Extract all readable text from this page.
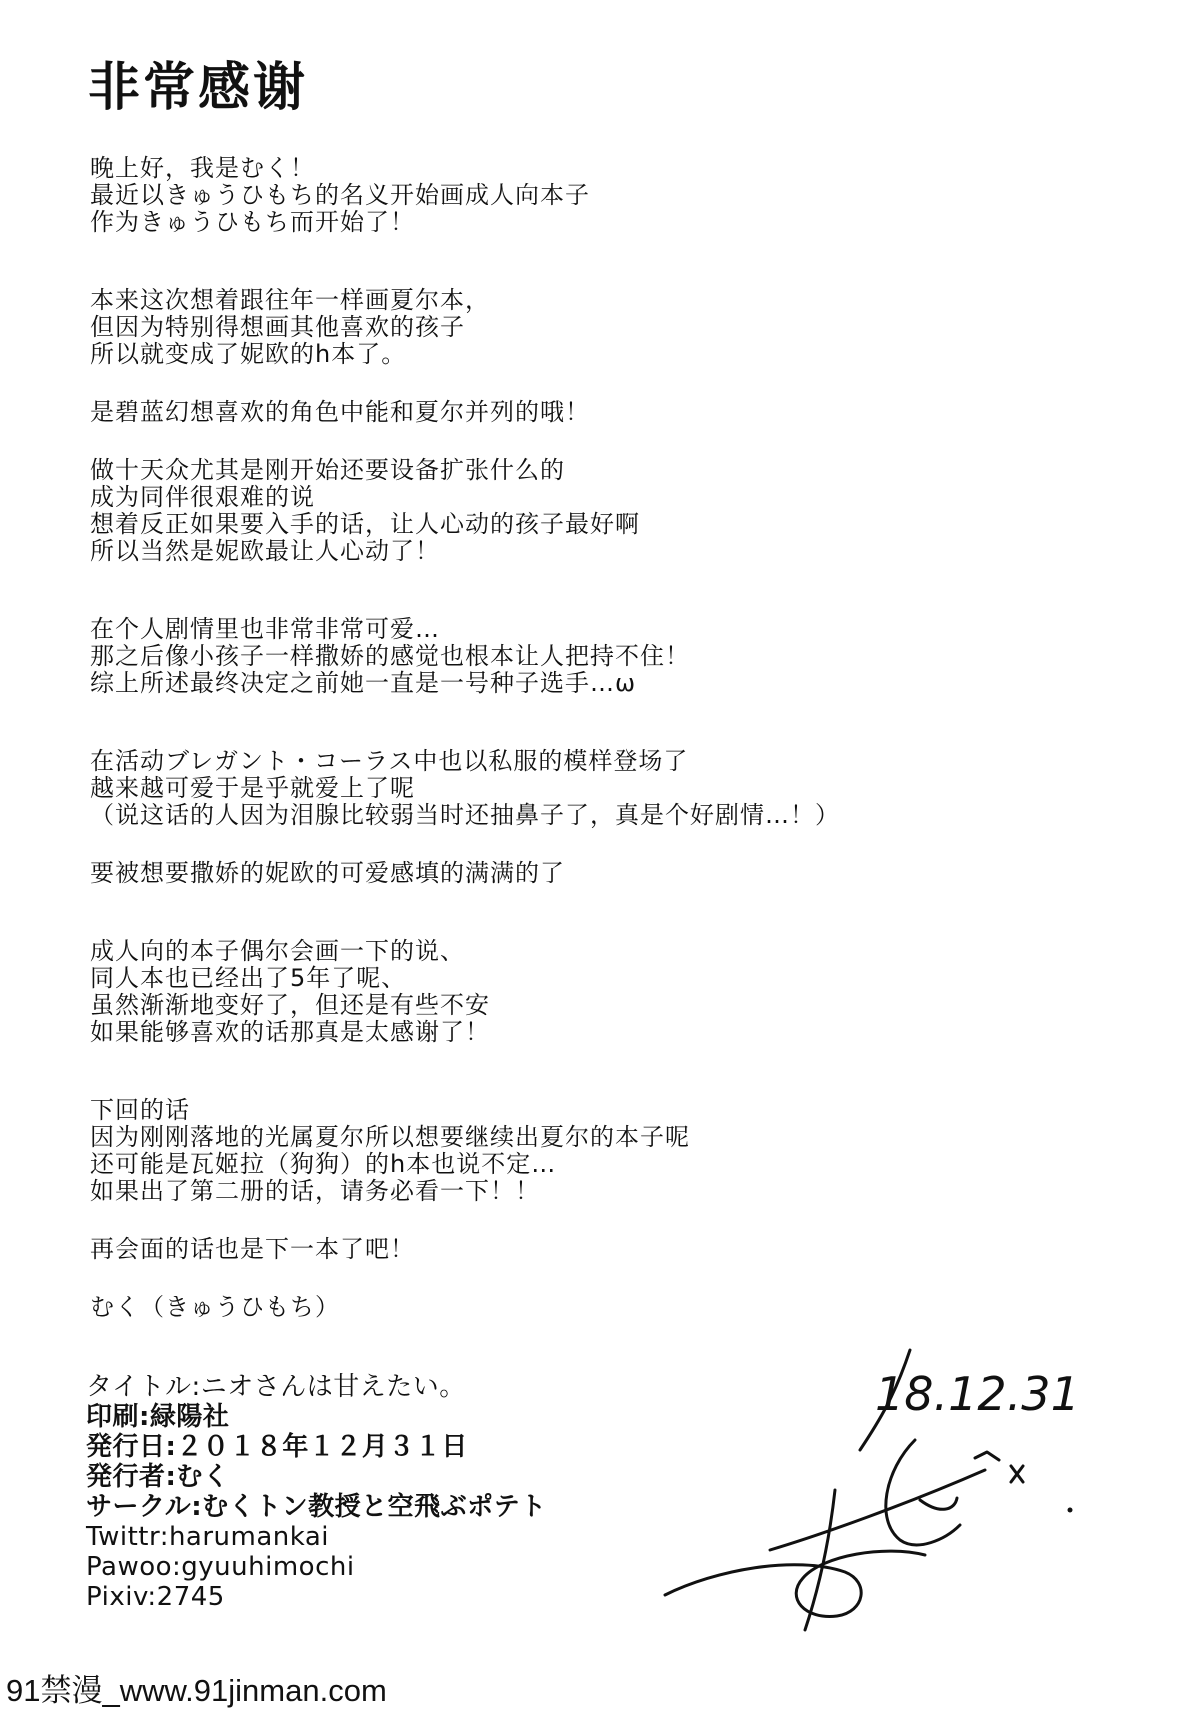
非常感谢

晚上好，我是むく！
最近以きゅうひもち的名义开始画成人向本子
作为きゅうひもち而开始了！

本来这次想着跟往年一样画夏尔本，
但因为特别得想画其他喜欢的孩子
所以就变成了妮欧的h本了。

是碧蓝幻想喜欢的角色中能和夏尔并列的哦！

做十天众尤其是刚开始还要设备扩张什么的
成为同伴很艰难的说
想着反正如果要入手的话，让人心动的孩子最好啊
所以当然是妮欧最让人心动了！

在个人剧情里也非常非常可爱…
那之后像小孩子一样撒娇的感觉也根本让人把持不住！
综上所述最终决定之前她一直是一号种子选手…ω

在活动ブレガント・コーラス中也以私服的模样登场了
越来越可爱于是乎就爱上了呢
（说这话的人因为泪腺比较弱当时还抽鼻子了，真是个好剧情…！）

要被想要撒娇的妮欧的可爱感填的满满的了

成人向的本子偶尔会画一下的说、
同人本也已经出了5年了呢、
虽然渐渐地变好了，但还是有些不安
如果能够喜欢的话那真是太感谢了！

下回的话
因为刚刚落地的光属夏尔所以想要继续出夏尔的本子呢
还可能是瓦姬拉（狗狗）的h本也说不定…
如果出了第二册的话，请务必看一下！！

再会面的话也是下一本了吧！

むく（きゅうひもち）

タイトル:ニオさんは甘えたい。
印刷:緑陽社
発行日:２０１８年１２月３１日
発行者:むく
サークル:むくトン教授と空飛ぶポテト
Twittr:harumankai
Pawoo:gyuuhimochi
Pixiv:2745
18.12.31
91禁漫_www.91jinman.com
